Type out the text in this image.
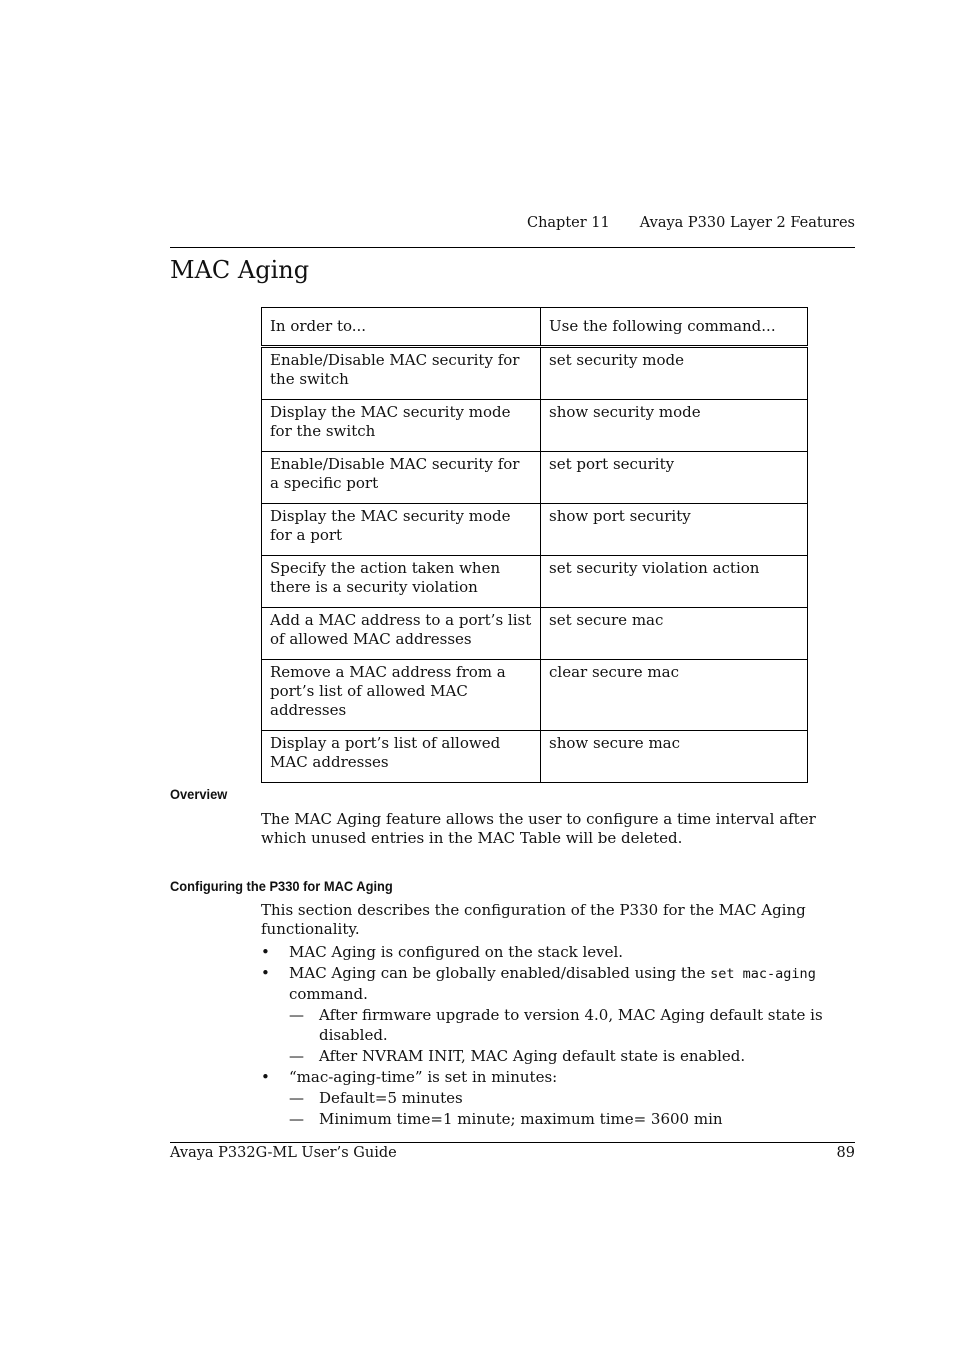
Chapter 11 Avaya P330 Layer 2 Features
MAC Aging
In order to...	Use the following command...
Enable/Disable MAC security for the switch	set security mode
Display the MAC security mode for the switch	show security mode
Enable/Disable MAC security for a specific port	set port security
Display the MAC security mode for a port	show port security
Specify the action taken when there is a security violation	set security violation action
Add a MAC address to a port’s list of allowed MAC addresses	set secure mac
Remove a MAC address from a port’s list of allowed MAC addresses	clear secure mac
Display a port’s list of allowed MAC addresses	show secure mac
Overview

The MAC Aging feature allows the user to configure a time interval after which unused entries in the MAC Table will be deleted.

Configuring the P330 for MAC Aging

This section describes the configuration of the P330 for the MAC Aging functionality.

• MAC Aging is configured on the stack level.
• MAC Aging can be globally enabled/disabled using the set mac-aging command.
— After firmware upgrade to version 4.0, MAC Aging default state is disabled.
— After NVRAM INIT, MAC Aging default state is enabled.
• “mac-aging-time” is set in minutes:
— Default=5 minutes
— Minimum time=1 minute; maximum time= 3600 min
Avaya P332G-ML User’s Guide	89
